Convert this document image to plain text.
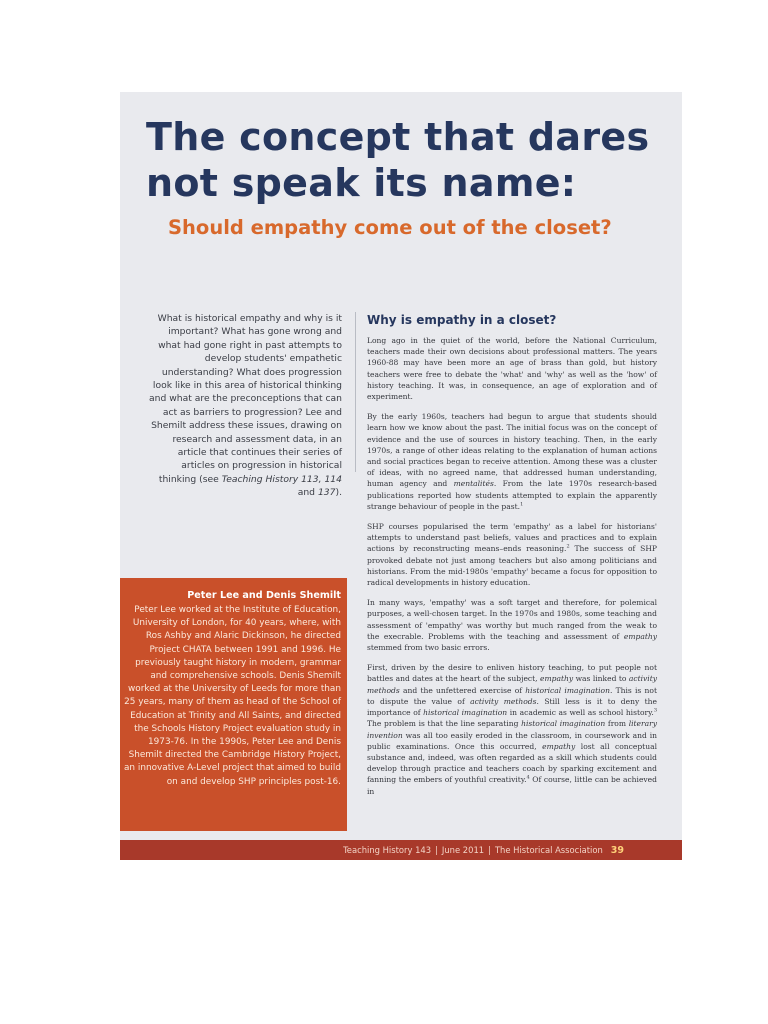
The concept that dares
not speak its name:
Should empathy come out of the closet?

What is historical empathy and why is it important? What has gone wrong and what had gone right in past attempts to develop students' empathetic understanding? What does progression look like in this area of historical thinking and what are the preconceptions that can act as barriers to progression? Lee and Shemilt address these issues, drawing on research and assessment data, in an article that continues their series of articles on progression in historical thinking (see Teaching History 113, 114 and 137).

Peter Lee and Denis Shemilt

Peter Lee worked at the Institute of Education, University of London, for 40 years, where, with Ros Ashby and Alaric Dickinson, he directed Project CHATA between 1991 and 1996. He previously taught history in modern, grammar and comprehensive schools. Denis Shemilt worked at the University of Leeds for more than 25 years, many of them as head of the School of Education at Trinity and All Saints, and directed the Schools History Project evaluation study in 1973-76. In the 1990s, Peter Lee and Denis Shemilt directed the Cambridge History Project, an innovative A-Level project that aimed to build on and develop SHP principles post-16.

Why is empathy in a closet?

Long ago in the quiet of the world, before the National Curriculum, teachers made their own decisions about professional matters. The years 1960-88 may have been more an age of brass than gold, but history teachers were free to debate the 'what' and 'why' as well as the 'how' of history teaching. It was, in consequence, an age of exploration and of experiment.

By the early 1960s, teachers had begun to argue that students should learn how we know about the past. The initial focus was on the concept of evidence and the use of sources in history teaching. Then, in the early 1970s, a range of other ideas relating to the explanation of human actions and social practices began to receive attention. Among these was a cluster of ideas, with no agreed name, that addressed human understanding, human agency and mentalités. From the late 1970s research-based publications reported how students attempted to explain the apparently strange behaviour of people in the past.$^1$

SHP courses popularised the term 'empathy' as a label for historians' attempts to understand past beliefs, values and practices and to explain actions by reconstructing means–ends reasoning.$^2$ The success of SHP provoked debate not just among teachers but also among politicians and historians. From the mid-1980s 'empathy' became a focus for opposition to radical developments in history education.

In many ways, 'empathy' was a soft target and therefore, for polemical purposes, a well-chosen target. In the 1970s and 1980s, some teaching and assessment of 'empathy' was worthy but much ranged from the weak to the execrable. Problems with the teaching and assessment of empathy stemmed from two basic errors.

First, driven by the desire to enliven history teaching, to put people not battles and dates at the heart of the subject, empathy was linked to activity methods and the unfettered exercise of historical imagination. This is not to dispute the value of activity methods. Still less is it to deny the importance of historical imagination in academic as well as school history.$^3$ The problem is that the line separating historical imagination from literary invention was all too easily eroded in the classroom, in coursework and in public examinations. Once this occurred, empathy lost all conceptual substance and, indeed, was often regarded as a skill which students could develop through practice and teachers coach by sparking excitement and fanning the embers of youthful creativity.$^4$ Of course, little can be achieved in

Teaching History 143 | June 2011 | The Historical Association 39
